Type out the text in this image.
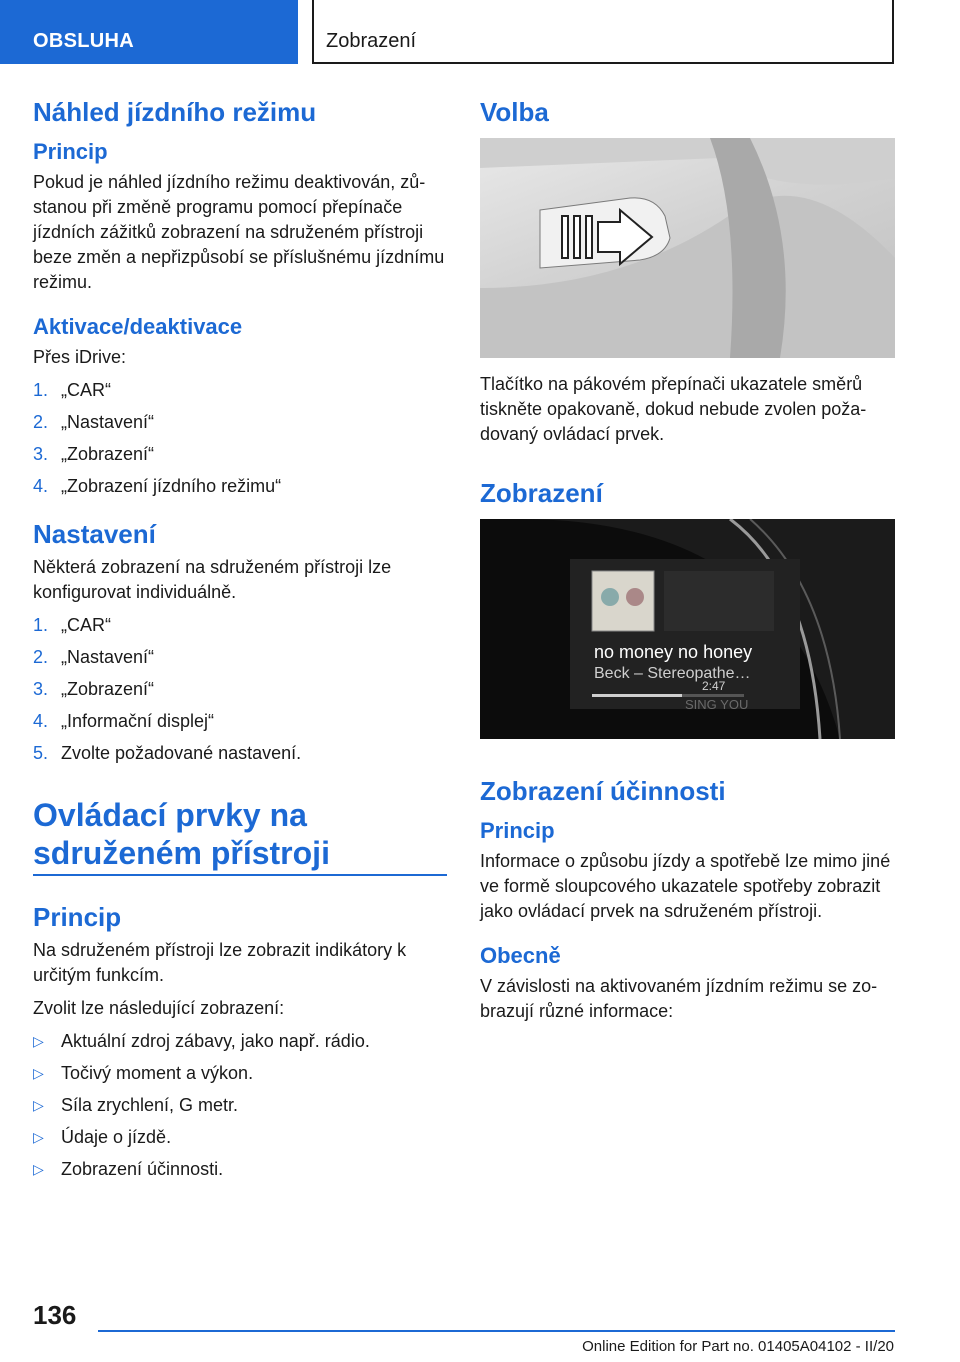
OBSLUHA	Zobrazení
Náhled jízdního režimu
Princip

Pokud je náhled jízdního režimu deaktivován, zůstanou při změně programu pomocí přepínače jízdních zážitků zobrazení na sdruženém přístroji beze změn a nepřizpůsobí se příslušnému jízdnímu režimu.

Aktivace/deaktivace

Přes iDrive:

1. „CAR“
2. „Nastavení“
3. „Zobrazení“
4. „Zobrazení jízdního režimu“
Nastavení

Některá zobrazení na sdruženém přístroji lze konfigurovat individuálně.

1. „CAR“
2. „Nastavení“
3. „Zobrazení“
4. „Informační displej“
5. Zvolte požadované nastavení.
Ovládací prvky na
sdruženém přístroji
Princip

Na sdruženém přístroji lze zobrazit indikátory k určitým funkcím.

Zvolit lze následující zobrazení:

▷ Aktuální zdroj zábavy, jako např. rádio.
▷ Točivý moment a výkon.
▷ Síla zrychlení, G metr.
▷ Údaje o jízdě.
▷ Zobrazení účinnosti.
Volba

Tlačítko na pákovém přepínači ukazatele směrů tiskněte opakovaně, dokud nebude zvolen požadovaný ovládací prvek.

Zobrazení
no money no honey
Beck – Stereopathe…
2:47
SING YOU
Zobrazení účinnosti
Princip

Informace o způsobu jízdy a spotřebě lze mimo jiné ve formě sloupcového ukazatele spotřeby zobrazit jako ovládací prvek na sdruženém přístroji.

Obecně

V závislosti na aktivovaném jízdním režimu se zobrazují různé informace:

136
Online Edition for Part no. 01405A04102 - II/20
